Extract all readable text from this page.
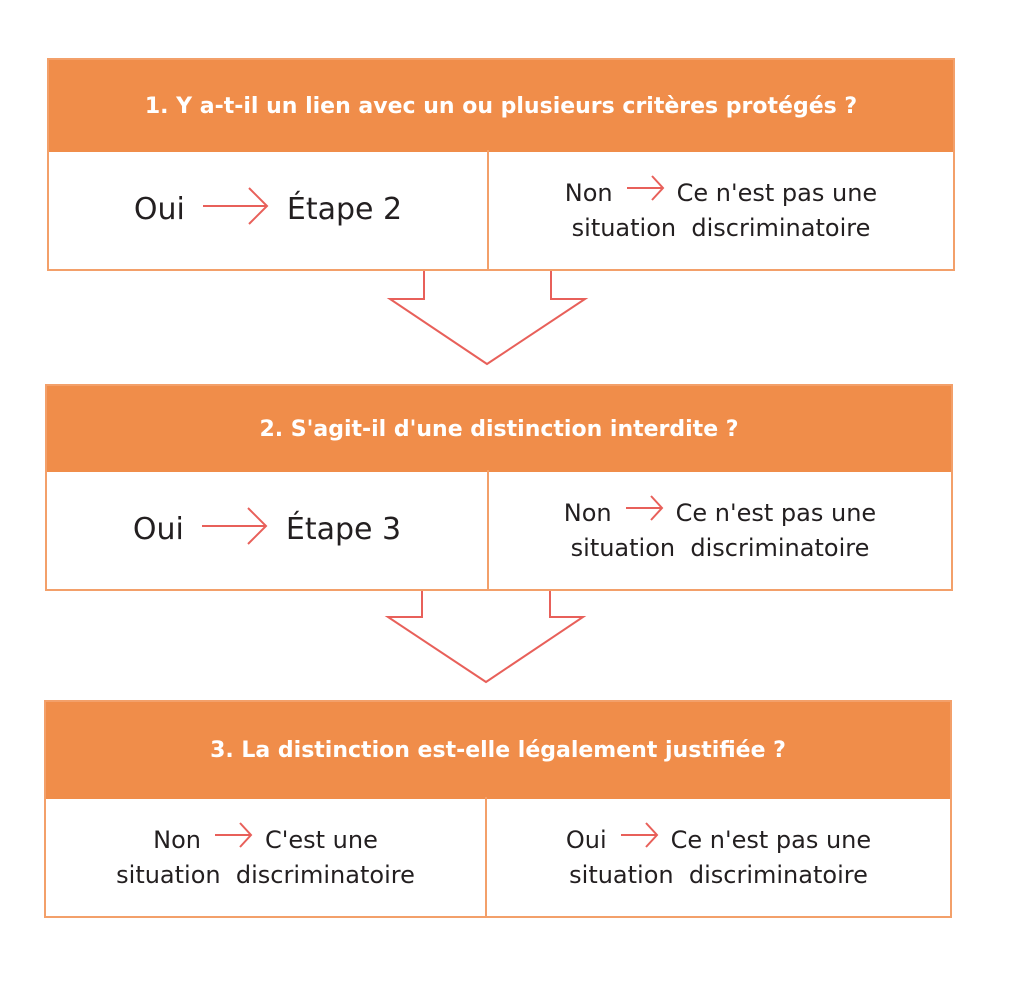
1. Y a-t-il un lien avec un ou plusieurs critères protégés ?
Oui	Étape 2	Non	Ce n'est pas une
situation  discriminatoire
2. S'agit-il d'une distinction interdite ?
Oui	Étape 3	Non	Ce n'est pas une
situation  discriminatoire
3. La distinction est-elle légalement justifiée ?
Non	C'est une
situation  discriminatoire
Oui	Ce n'est pas une
situation  discriminatoire
